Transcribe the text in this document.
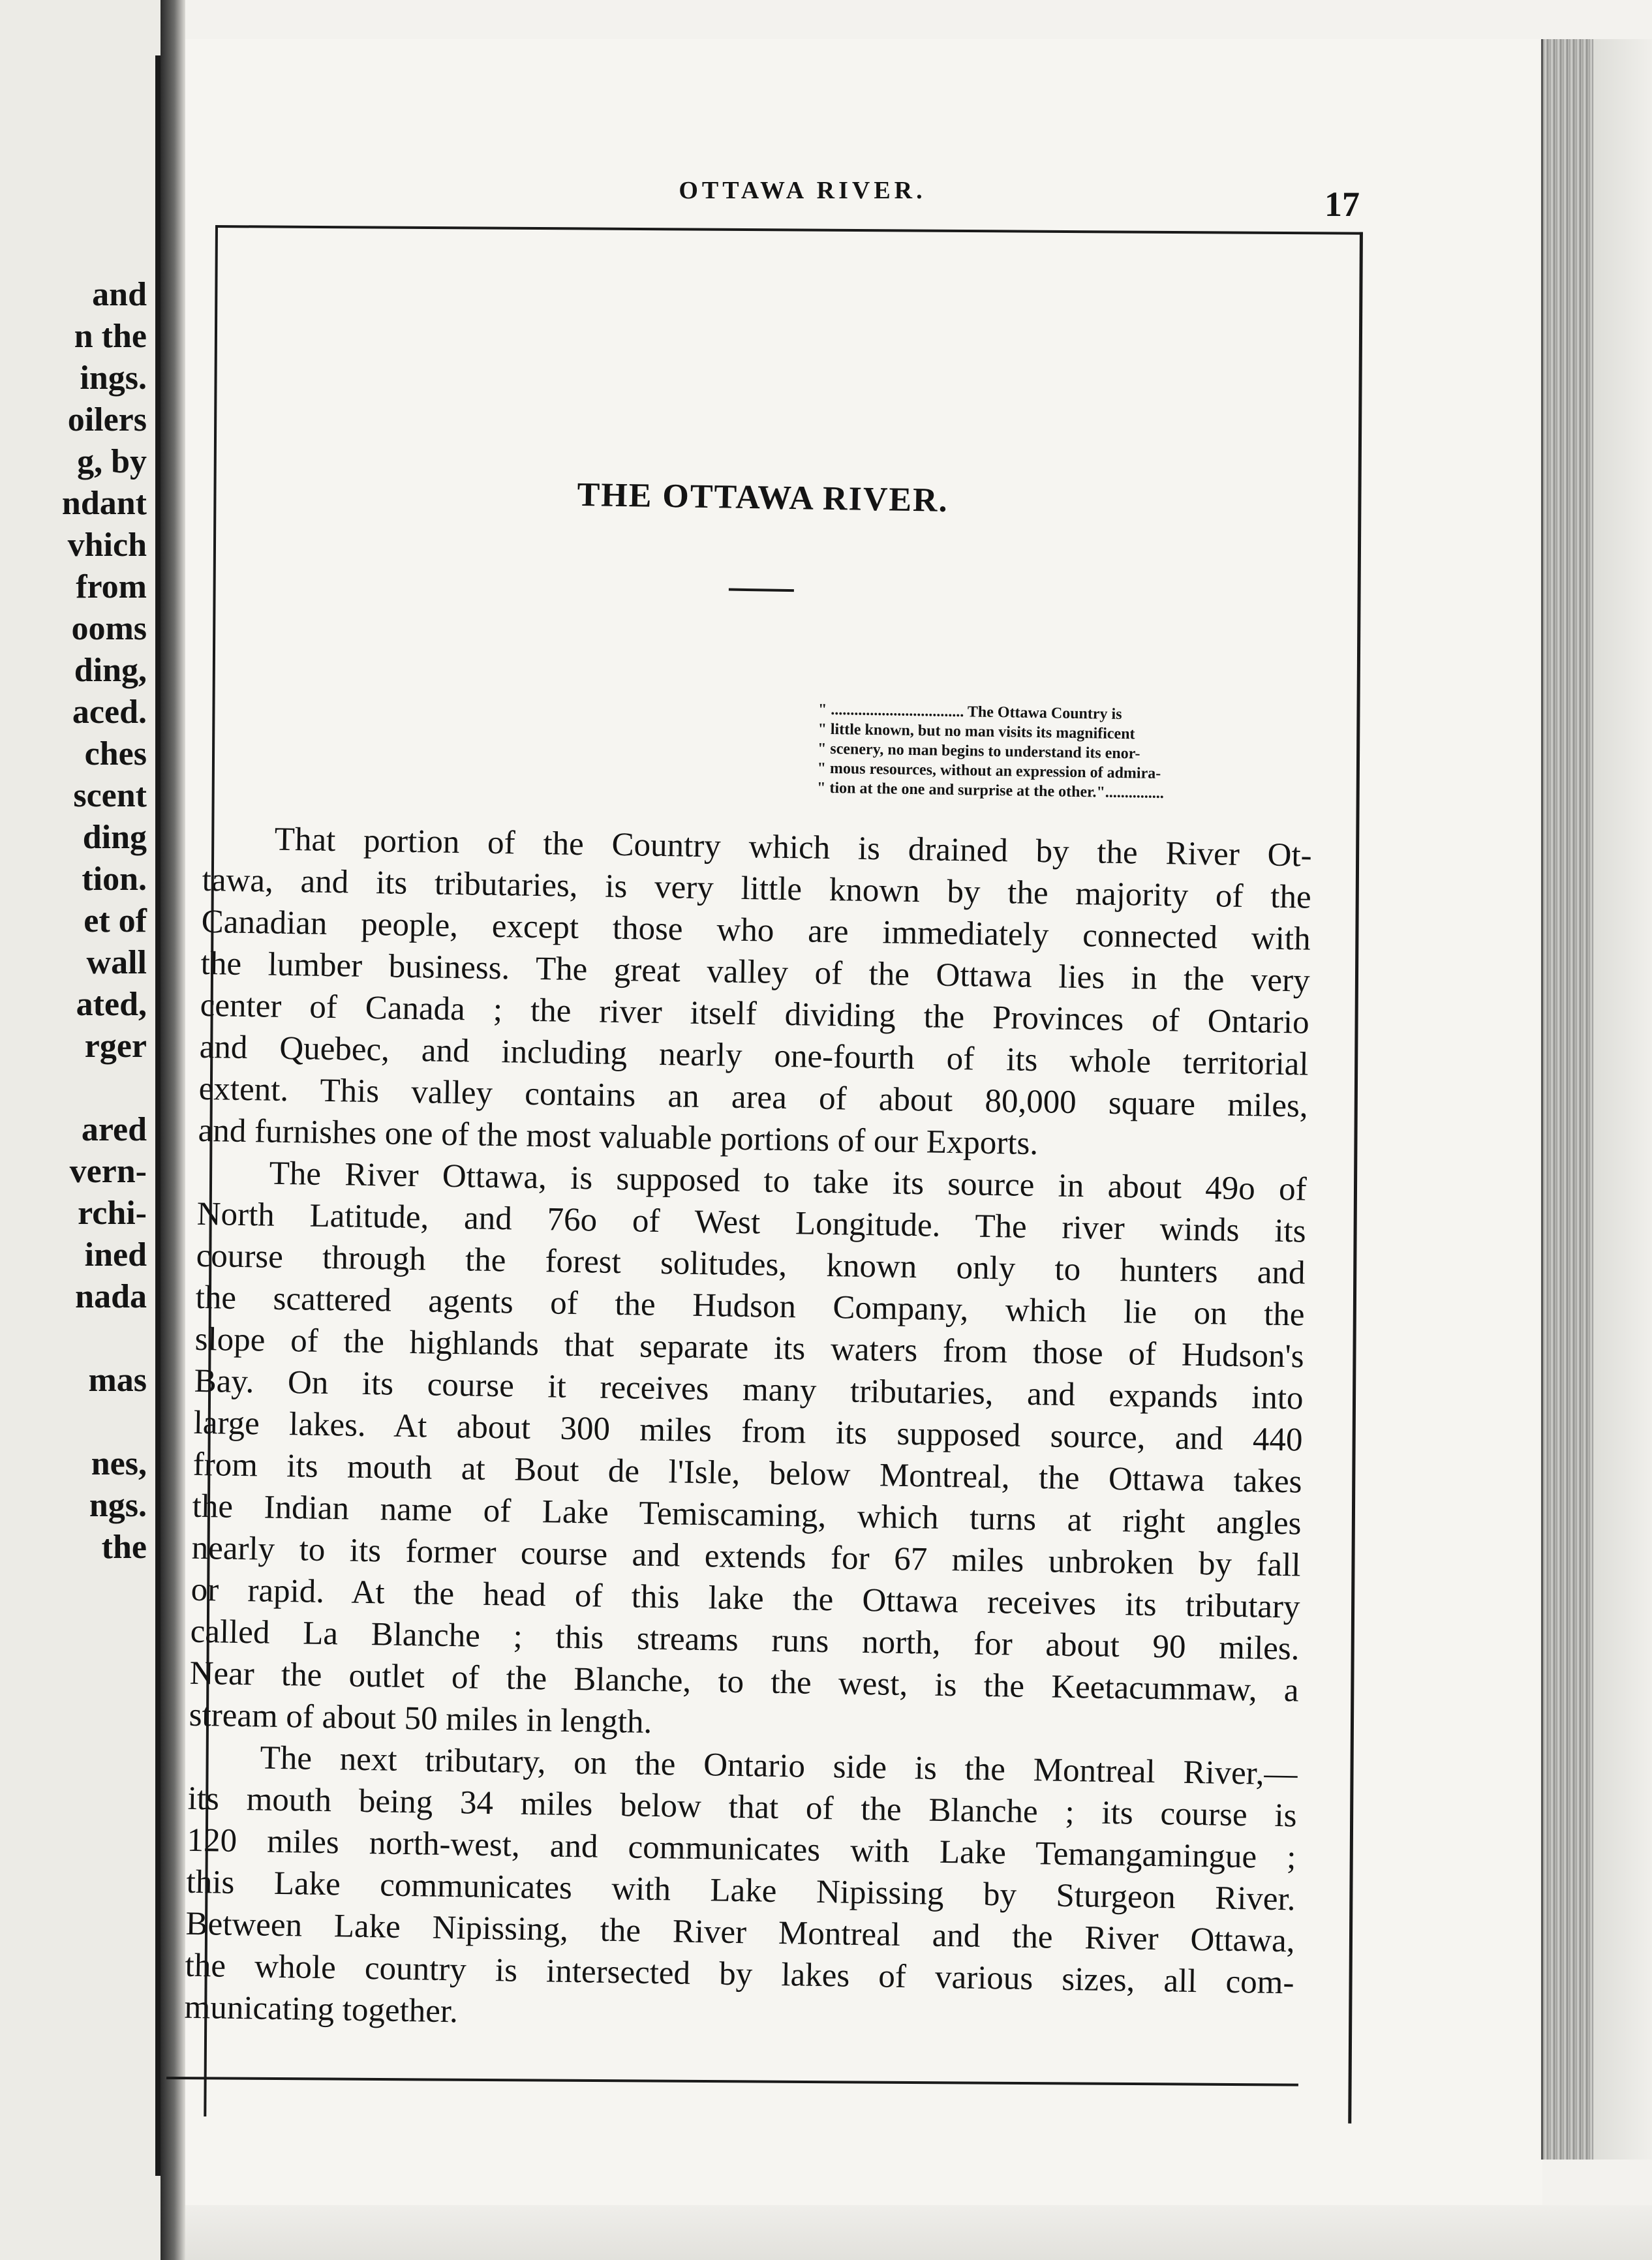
and
n the
ings.
oilers
g, by
ndant
vhich
from
ooms
ding,
aced.
ches
scent
ding
tion.
et of
wall
ated,
rger
ared
vern-
rchi-
ined
nada
mas
nes,
ngs.
the
OTTAWA RIVER.	17
THE OTTAWA RIVER.
" .................................. The Ottawa Country is
" little known, but no man visits its magnificent
" scenery, no man begins to understand its enor-
" mous resources, without an expression of admira-
" tion at the one and surprise at the other."...............
That portion of the Country which is drained by the River Ot-
tawa, and its tributaries, is very little known by the majority of the
Canadian people, except those who are immediately connected with
the lumber business. The great valley of the Ottawa lies in the very
center of Canada ; the river itself dividing the Provinces of Ontario
and Quebec, and including nearly one-fourth of its whole territorial
extent. This valley contains an area of about 80,000 square miles,
and furnishes one of the most valuable portions of our Exports.
The River Ottawa, is supposed to take its source in about 49o of
North Latitude, and 76o of West Longitude. The river winds its
course through the forest solitudes, known only to hunters and
the scattered agents of the Hudson Company, which lie on the
slope of the highlands that separate its waters from those of Hudson's
Bay. On its course it receives many tributaries, and expands into
large lakes. At about 300 miles from its supposed source, and 440
from its mouth at Bout de l'Isle, below Montreal, the Ottawa takes
the Indian name of Lake Temiscaming, which turns at right angles
nearly to its former course and extends for 67 miles unbroken by fall
or rapid. At the head of this lake the Ottawa receives its tributary
called La Blanche ; this streams runs north, for about 90 miles.
Near the outlet of the Blanche, to the west, is the Keetacummaw, a
stream of about 50 miles in length.
The next tributary, on the Ontario side is the Montreal River,—
its mouth being 34 miles below that of the Blanche ; its course is
120 miles north-west, and communicates with Lake Temangamingue ;
this Lake communicates with Lake Nipissing by Sturgeon River.
Between Lake Nipissing, the River Montreal and the River Ottawa,
the whole country is intersected by lakes of various sizes, all com-
municating together.
